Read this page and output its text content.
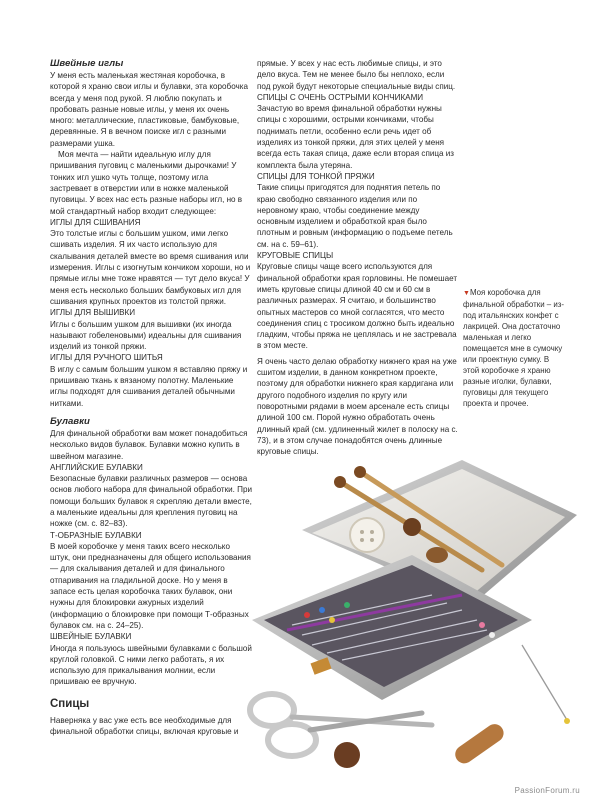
Швейные иглы

У меня есть маленькая жестяная коробочка, в которой я храню свои иглы и булавки, эта коробочка всегда у меня под рукой. Я люблю покупать и пробовать разные новые иглы, у меня их очень много: металлические, пластиковые, бамбуковые, деревянные. Я в вечном поиске игл с разными размерами ушка.

Моя мечта — найти идеальную иглу для пришивания пуговиц с маленькими дырочками! У тонких игл ушко чуть толще, поэтому игла застревает в отверстии или в ножке маленькой пуговицы. У всех нас есть разные наборы игл, но в мой стандартный набор входит следующее:

ИГЛЫ ДЛЯ СШИВАНИЯ

Это толстые иглы с большим ушком, ими легко сшивать изделия. Я их часто использую для скалывания деталей вместе во время сшивания или измерения. Иглы с изогнутым кончиком хороши, но и прямые иглы мне тоже нравятся — тут дело вкуса! У меня есть несколько больших бамбуковых игл для сшивания крупных проектов из толстой пряжи.

ИГЛЫ ДЛЯ ВЫШИВКИ

Иглы с большим ушком для вышивки (их иногда называют гобеленовыми) идеальны для сшивания изделий из тонкой пряжи.

ИГЛЫ ДЛЯ РУЧНОГО ШИТЬЯ

В иглу с самым большим ушком я вставляю пряжу и пришиваю ткань к вязаному полотну. Маленькие иглы подходят для сшивания деталей обычными нитками.

Булавки

Для финальной обработки вам может понадобиться несколько видов булавок. Булавки можно купить в швейном магазине.

АНГЛИЙСКИЕ БУЛАВКИ

Безопасные булавки различных размеров — основа основ любого набора для финальной обработки. При помощи больших булавок я скрепляю детали вместе, а маленькие идеальны для крепления пуговиц на ножке (см. с. 82–83).

Т-ОБРАЗНЫЕ БУЛАВКИ

В моей коробочке у меня таких всего несколько штук, они предназначены для общего использования — для скалывания деталей и для финального отпаривания на гладильной доске. Но у меня в запасе есть целая коробочка таких булавок, они нужны для блокировки ажурных изделий (информацию о блокировке при помощи Т-образных булавок см. на с. 24–25).

ШВЕЙНЫЕ БУЛАВКИ

Иногда я пользуюсь швейными булавками с большой круглой головкой. С ними легко работать, я их использую для прикалывания молнии, если пришиваю ее вручную.

Спицы

Наверняка у вас уже есть все необходимые для финальной обработки спицы, включая круговые и

прямые. У всех у нас есть любимые спицы, и это дело вкуса. Тем не менее было бы неплохо, если под рукой будут некоторые специальные виды спиц.

СПИЦЫ С ОЧЕНЬ ОСТРЫМИ КОНЧИКАМИ

Зачастую во время финальной обработки нужны спицы с хорошими, острыми кончиками, чтобы поднимать петли, особенно если речь идет об изделиях из тонкой пряжи, для этих целей у меня всегда есть такая спица, даже если вторая спица из комплекта была утеряна.

СПИЦЫ ДЛЯ ТОНКОЙ ПРЯЖИ

Такие спицы пригодятся для поднятия петель по краю свободно связанного изделия или по неровному краю, чтобы соединение между основным изделием и обработкой края было плотным и ровным (информацию о подъеме петель см. на с. 59–61).

КРУГОВЫЕ СПИЦЫ

Круговые спицы чаще всего используются для финальной обработки края горловины. Не помешает иметь круговые спицы длиной 40 см и 60 см в различных размерах. Я считаю, и большинство опытных мастеров со мной согласятся, что место соединения спиц с тросиком должно быть идеально гладким, чтобы пряжа не цеплялась и не застревала в этом месте.

Я очень часто делаю обработку нижнего края на уже сшитом изделии, в данном конкретном проекте, поэтому для обработки нижнего края кардигана или другого подобного изделия по кругу или поворотными рядами в моем арсенале есть спицы длиной 100 см. Порой нужно обработать очень длинный край (см. удлиненный жилет в полоску на с. 73), и в этом случае понадобятся очень длинные круговые спицы.

▼Моя коробочка для финальной обработки – из-под итальянских конфет с лакрицей. Она достаточно маленькая и легко помещается мне в сумочку или проектную сумку. В этой коробочке я храню разные иголки, булавки, пуговицы для текущего проекта и прочее.
PassionForum.ru
